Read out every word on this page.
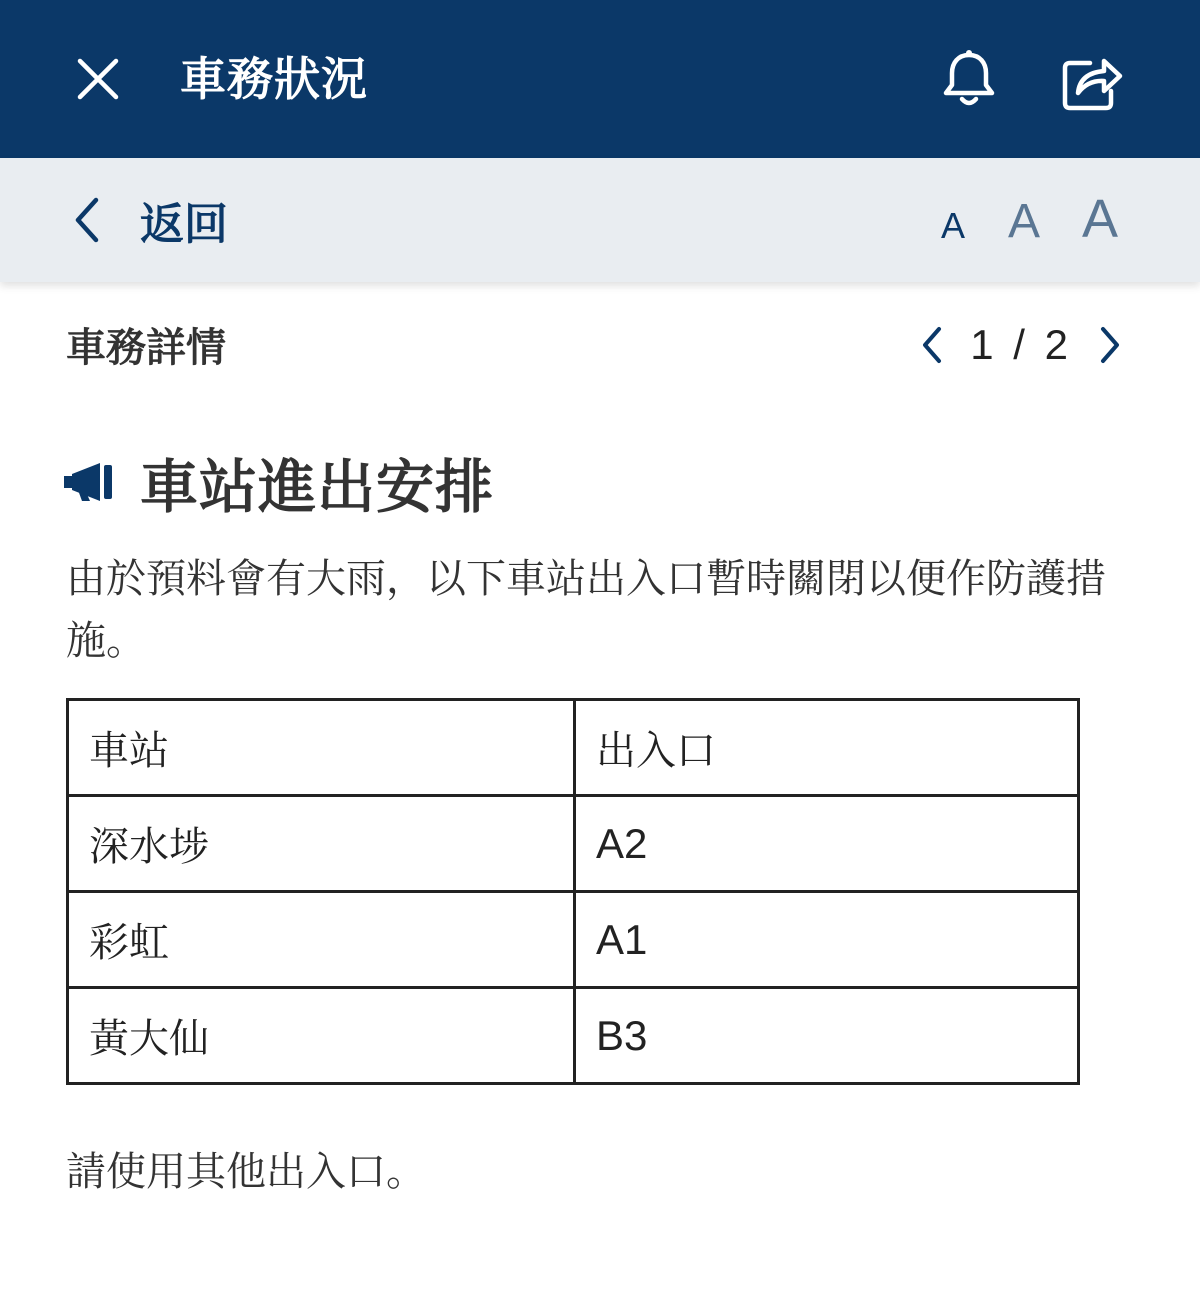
車務狀況
返回	A A A
車務詳情	1 / 2
車站進出安排

由於預料會有大雨，以下車站出入口暫時關閉以便作防護措施。

車站	出入口
深水埗	A2
彩虹	A1
黃大仙	B3

請使用其他出入口。
